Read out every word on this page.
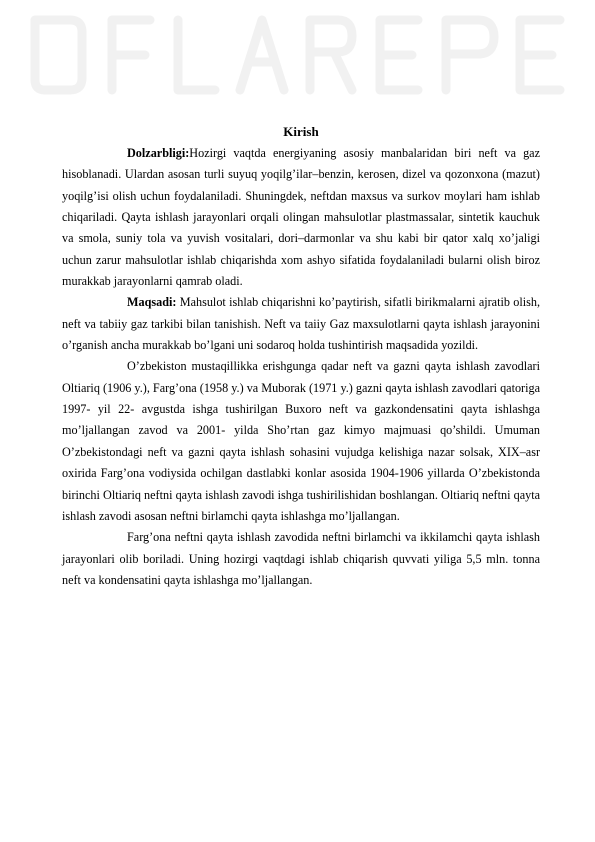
Kirish

Dolzarbligi:Hozirgi vaqtda energiyaning asosiy manbalaridan biri neft va gaz hisoblanadi. Ulardan asosan turli suyuq yoqilg’ilar–benzin, kerosen, dizel va qozonxona (mazut) yoqilg’isi olish uchun foydalaniladi. Shuningdek, neftdan maxsus va surkov moylari ham ishlab chiqariladi. Qayta ishlash jarayonlari orqali olingan mahsulotlar plastmassalar, sintetik kauchuk va smola, suniy tola va yuvish vositalari, dori–darmonlar va shu kabi bir qator xalq xo’jaligi uchun zarur mahsulotlar ishlab chiqarishda xom ashyo sifatida foydalaniladi bularni olish biroz murakkab jarayonlarni qamrab oladi.

Maqsadi: Mahsulot ishlab chiqarishni ko’paytirish, sifatli birikmalarni ajratib olish, neft va tabiiy gaz tarkibi bilan tanishish. Neft va taiiy Gaz maxsulotlarni qayta ishlash jarayonini o’rganish ancha murakkab bo’lgani uni sodaroq holda tushintirish maqsadida yozildi.

O’zbekiston mustaqillikka erishgunga qadar neft va gazni qayta ishlash zavodlari Oltiariq (1906 y.), Farg’ona (1958 y.) va Muborak (1971 y.) gazni qayta ishlash zavodlari qatoriga 1997- yil 22- avgustda ishga tushirilgan Buxoro neft va gazkondensatini qayta ishlashga mo’ljallangan zavod va 2001- yilda Sho’rtan gaz kimyo majmuasi qo’shildi. Umuman O’zbekistondagi neft va gazni qayta ishlash sohasini vujudga kelishiga nazar solsak, XIX–asr oxirida Farg’ona vodiysida ochilgan dastlabki konlar asosida 1904-1906 yillarda O’zbekistonda birinchi Oltiariq neftni qayta ishlash zavodi ishga tushirilishidan boshlangan. Oltiariq neftni qayta ishlash zavodi asosan neftni birlamchi qayta ishlashga mo’ljallangan.

Farg’ona neftni qayta ishlash zavodida neftni birlamchi va ikkilamchi qayta ishlash jarayonlari olib boriladi. Uning hozirgi vaqtdagi ishlab chiqarish quvvati yiliga 5,5 mln. tonna neft va kondensatini qayta ishlashga mo’ljallangan.
